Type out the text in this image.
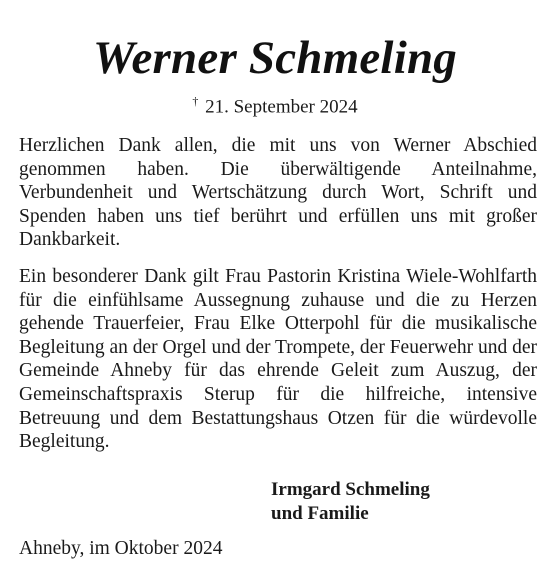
Werner Schmeling
† 21. September 2024

Herzlichen Dank allen, die mit uns von Werner Abschied genommen haben. Die überwältigende Anteilnahme, Verbundenheit und Wertschätzung durch Wort, Schrift und Spenden haben uns tief berührt und erfüllen uns mit großer Dankbarkeit.

Ein besonderer Dank gilt Frau Pastorin Kristina Wiele-Wohlfarth für die einfühlsame Aussegnung zuhause und die zu Herzen gehende Trauerfeier, Frau Elke Otterpohl für die musikalische Begleitung an der Orgel und der Trompete, der Feuerwehr und der Gemeinde Ahneby für das ehrende Geleit zum Auszug, der Gemeinschaftspraxis Sterup für die hilfreiche, intensive Betreuung und dem Bestattungshaus Otzen für die würdevolle Begleitung.

Irmgard Schmeling
und Familie
Ahneby, im Oktober 2024
